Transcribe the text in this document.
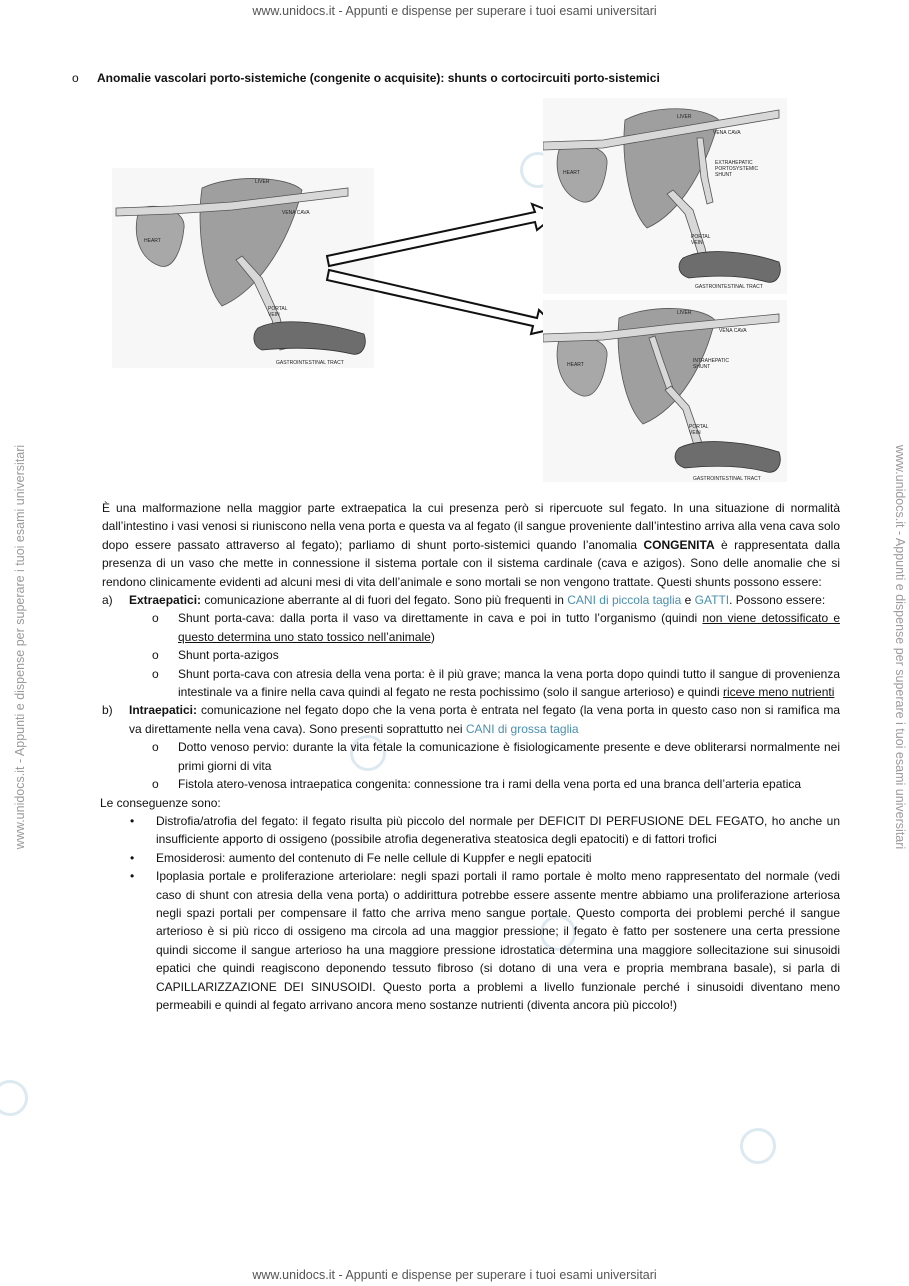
www.unidocs.it - Appunti e dispense per superare i tuoi esami universitari
www.unidocs.it - Appunti e dispense per superare i tuoi esami universitari
www.unidocs.it - Appunti e dispense per superare i tuoi esami universitari	www.unidocs.it - Appunti e dispense per superare i tuoi esami universitari
o Anomalie vascolari porto-sistemiche (congenite o acquisite): shunts o cortocircuiti porto-sistemici
LIVER
VENA CAVA
HEART
PORTAL
VEIN
GASTROINTESTINAL TRACT
LIVER
VENA CAVA
HEART
EXTRAHEPATIC
PORTOSYSTEMIC
SHUNT
PORTAL
VEIN
GASTROINTESTINAL TRACT
LIVER
VENA CAVA
HEART
INTRAHEPATIC
SHUNT
PORTAL
VEIN
GASTROINTESTINAL TRACT

È una malformazione nella maggior parte extraepatica la cui presenza però si ripercuote sul fegato. In una situazione di normalità dall’intestino i vasi venosi si riuniscono nella vena porta e questa va al fegato (il sangue proveniente dall’intestino arriva alla vena cava solo dopo essere passato attraverso al fegato); parliamo di shunt porto-sistemici quando l’anomalia CONGENITA è rappresentata dalla presenza di un vaso che mette in connessione il sistema portale con il sistema cardinale (cava e azigos). Sono delle anomalie che si rendono clinicamente evidenti ad alcuni mesi di vita dell’animale e sono mortali se non vengono trattate. Questi shunts possono essere:

a) Extraepatici: comunicazione aberrante al di fuori del fegato. Sono più frequenti in CANI di piccola taglia e GATTI. Possono essere:

o Shunt porta-cava: dalla porta il vaso va direttamente in cava e poi in tutto l’organismo (quindi non viene detossificato e questo determina uno stato tossico nell’animale)

o Shunt porta-azigos

o Shunt porta-cava con atresia della vena porta: è il più grave; manca la vena porta dopo quindi tutto il sangue di provenienza intestinale va a finire nella cava quindi al fegato ne resta pochissimo (solo il sangue arterioso) e quindi riceve meno nutrienti

b) Intraepatici: comunicazione nel fegato dopo che la vena porta è entrata nel fegato (la vena porta in questo caso non si ramifica ma va direttamente nella vena cava). Sono presenti soprattutto nei CANI di grossa taglia

o Dotto venoso pervio: durante la vita fetale la comunicazione è fisiologicamente presente e deve obliterarsi normalmente nei primi giorni di vita

o Fistola atero-venosa intraepatica congenita: connessione tra i rami della vena porta ed una branca dell’arteria epatica

Le conseguenze sono:

• Distrofia/atrofia del fegato: il fegato risulta più piccolo del normale per DEFICIT DI PERFUSIONE DEL FEGATO, ho anche un insufficiente apporto di ossigeno (possibile atrofia degenerativa steatosica degli epatociti) e di fattori trofici

• Emosiderosi: aumento del contenuto di Fe nelle cellule di Kuppfer e negli epatociti

• Ipoplasia portale e proliferazione arteriolare: negli spazi portali il ramo portale è molto meno rappresentato del normale (vedi caso di shunt con atresia della vena porta) o addirittura potrebbe essere assente mentre abbiamo una proliferazione arteriosa negli spazi portali per compensare il fatto che arriva meno sangue portale. Questo comporta dei problemi perché il sangue arterioso è si più ricco di ossigeno ma circola ad una maggior pressione; il fegato è fatto per sostenere una certa pressione quindi siccome il sangue arterioso ha una maggiore pressione idrostatica determina una maggiore sollecitazione sui sinusoidi epatici che quindi reagiscono deponendo tessuto fibroso (si dotano di una vera e propria membrana basale), si parla di CAPILLARIZZAZIONE DEI SINUSOIDI. Questo porta a problemi a livello funzionale perché i sinusoidi diventano meno permeabili e quindi al fegato arrivano ancora meno sostanze nutrienti (diventa ancora più piccolo!)
